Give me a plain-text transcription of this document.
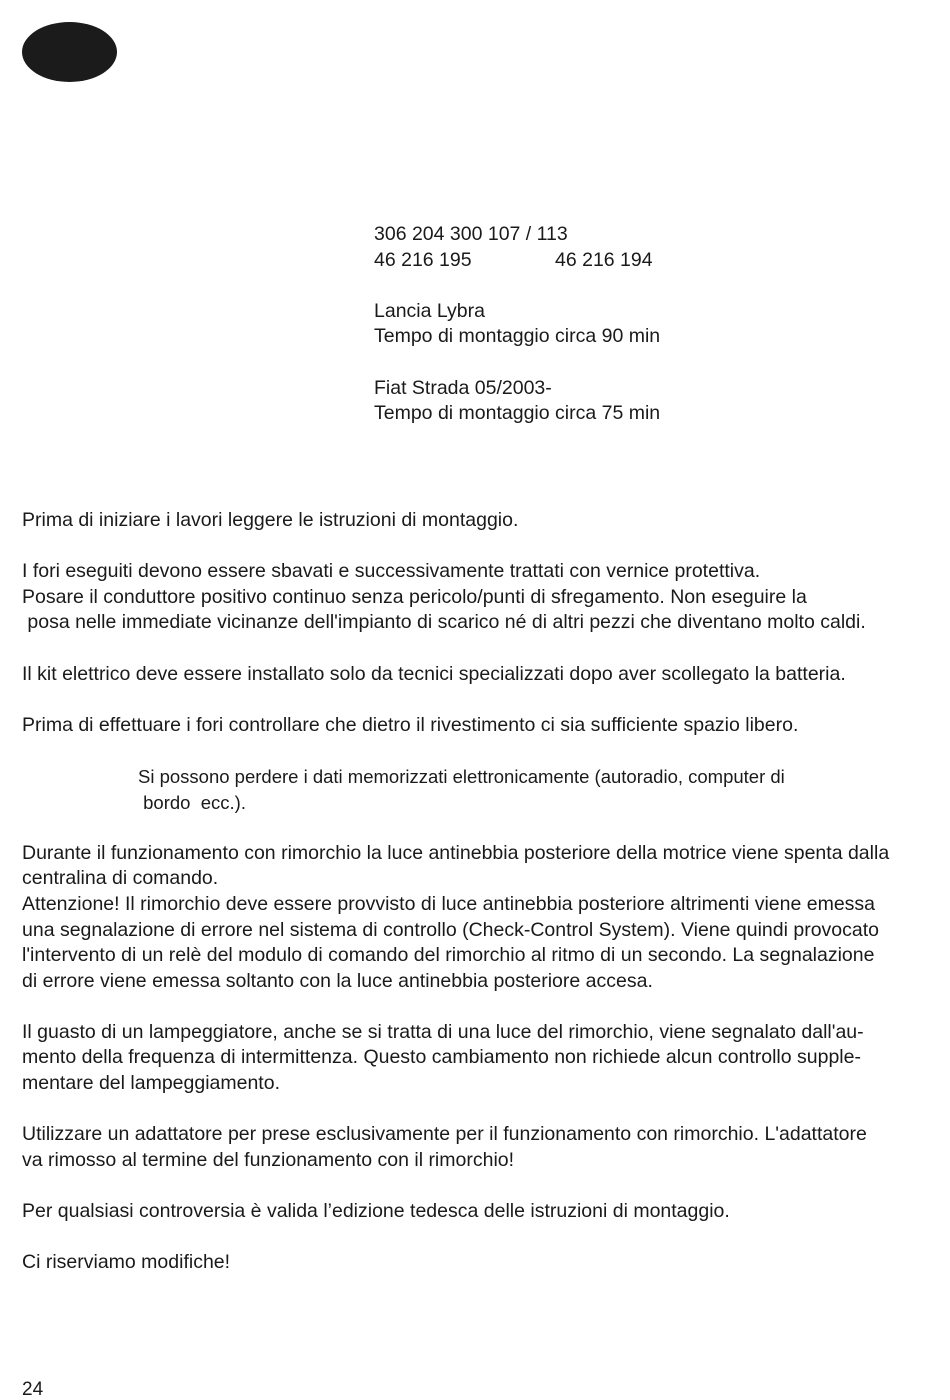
306 204 300 107 / 113
46 216 195	46 216 194
Lancia Lybra
Tempo di montaggio circa 90 min
Fiat Strada 05/2003-
Tempo di montaggio circa 75 min
Prima di iniziare i lavori leggere le istruzioni di montaggio.
I fori eseguiti devono essere sbavati e successivamente trattati con vernice protettiva.
Posare il conduttore positivo continuo senza pericolo/punti di sfregamento. Non eseguire la
posa nelle immediate vicinanze dell'impianto di scarico né di altri pezzi che diventano molto caldi.
Il kit elettrico deve essere installato solo da tecnici specializzati dopo aver scollegato la batteria.
Prima di effettuare i fori controllare che dietro il rivestimento ci sia sufficiente spazio libero.
Si possono perdere i dati memorizzati elettronicamente (autoradio, computer di
bordo  ecc.).
Durante il funzionamento con rimorchio la luce antinebbia posteriore della motrice viene spenta dalla
centralina di comando.
Attenzione! Il rimorchio deve essere provvisto di luce antinebbia posteriore altrimenti viene emessa
una segnalazione di errore nel sistema di controllo (Check-Control System). Viene quindi provocato
l'intervento di un relè del modulo di comando del rimorchio al ritmo di un secondo. La segnalazione
di errore viene emessa soltanto con la luce antinebbia posteriore accesa.
Il guasto di un lampeggiatore, anche se si tratta di una luce del rimorchio, viene segnalato dall'au-
mento della frequenza di intermittenza. Questo cambiamento non richiede alcun controllo supple-
mentare del lampeggiamento.
Utilizzare un adattatore per prese esclusivamente per il funzionamento con rimorchio. L'adattatore
va rimosso al termine del funzionamento con il rimorchio!
Per qualsiasi controversia è valida l’edizione tedesca delle istruzioni di montaggio.
Ci riserviamo modifiche!
24
